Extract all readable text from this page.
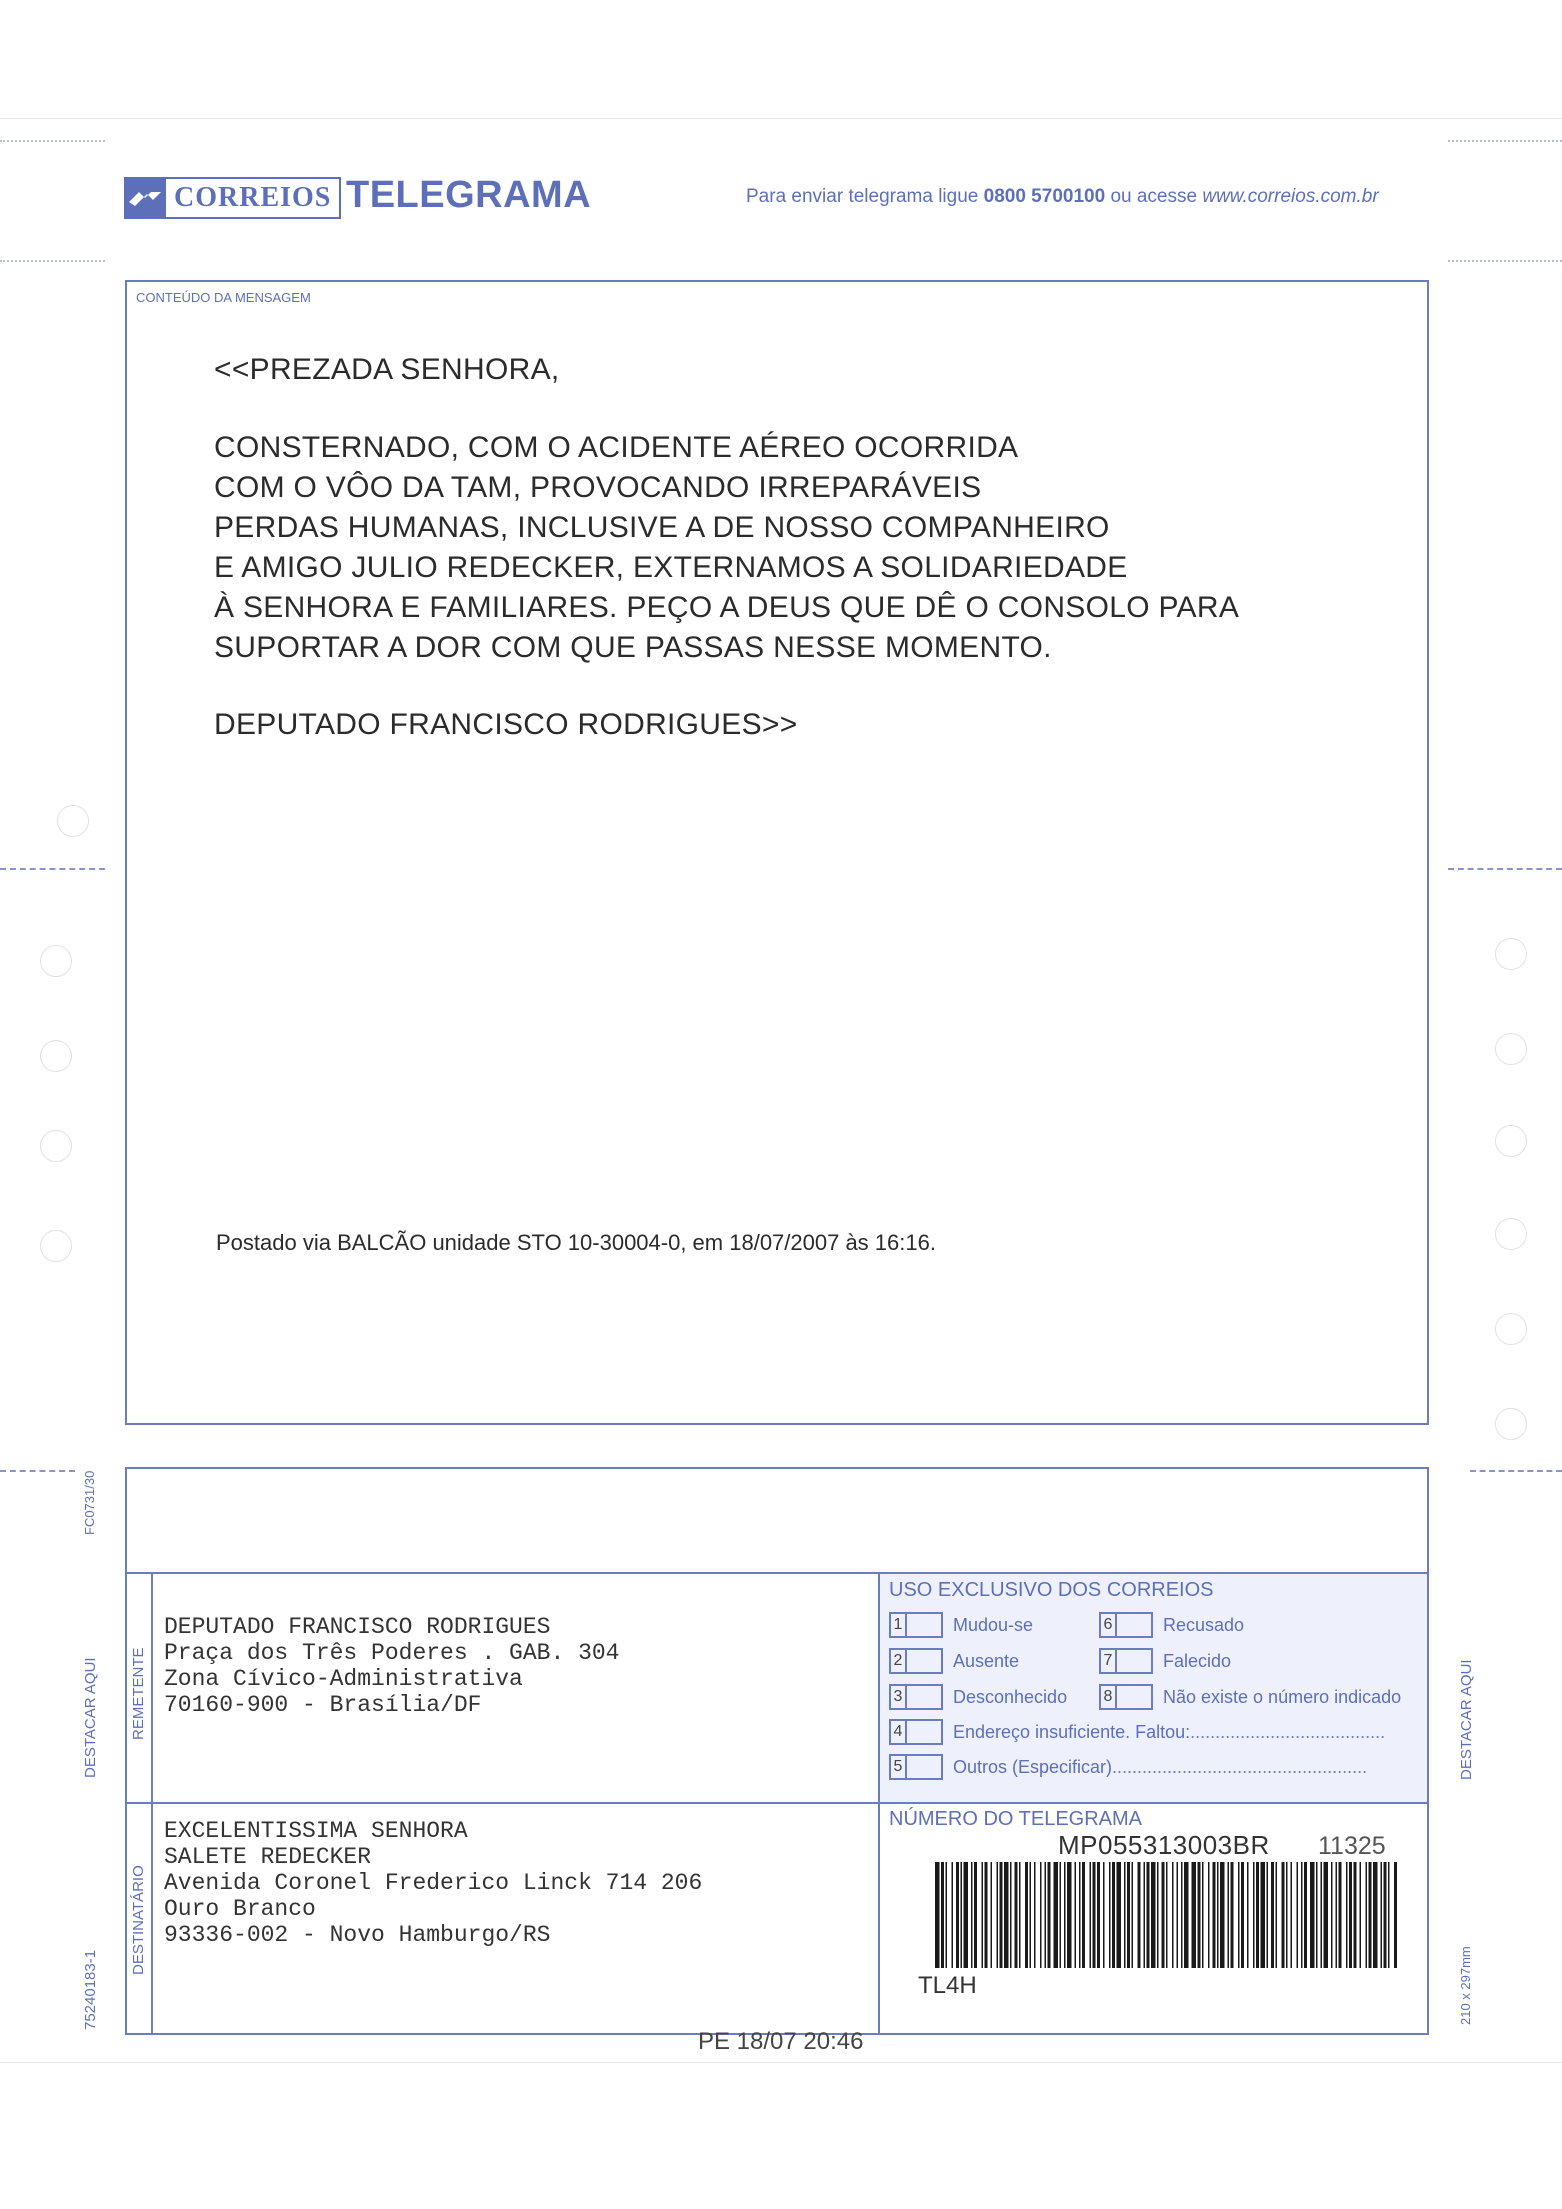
CORREIOS TELEGRAMA	Para enviar telegrama ligue 0800 5700100 ou acesse www.correios.com.br
CONTEÚDO DA MENSAGEM
<<PREZADA SENHORA,
CONSTERNADO, COM O ACIDENTE AÉREO OCORRIDA
COM O VÔO DA TAM, PROVOCANDO IRREPARÁVEIS
PERDAS HUMANAS, INCLUSIVE A DE NOSSO COMPANHEIRO
E AMIGO JULIO REDECKER, EXTERNAMOS A SOLIDARIEDADE
À SENHORA E FAMILIARES. PEÇO A DEUS QUE DÊ O CONSOLO PARA
SUPORTAR A DOR COM QUE PASSAS NESSE MOMENTO.
DEPUTADO FRANCISCO RODRIGUES>>
Postado via BALCÃO unidade STO 10-30004-0, em 18/07/2007 às 16:16.
REMETENTE
DEPUTADO FRANCISCO RODRIGUES
Praça dos Três Poderes . GAB. 304
Zona Cívico-Administrativa
70160-900 - Brasília/DF
DESTINATÁRIO
EXCELENTISSIMA SENHORA
SALETE REDECKER
Avenida Coronel Frederico Linck 714 206
Ouro Branco
93336-002 - Novo Hamburgo/RS
USO EXCLUSIVO DOS CORREIOS
1	Mudou-se	6	Recusado
2	Ausente	7	Falecido
3	Desconhecido 8	Não existe o número indicado
4	Endereço insuficiente. Faltou: .......................................
5	Outros (Especificar) ...................................................
NÚMERO DO TELEGRAMA
MP055313003BR 11325
TL4H
FC0731/30
DESTACAR AQUI	DESTACAR AQUI
75240183-1	210 x 297mm
PE 18/07 20:46
